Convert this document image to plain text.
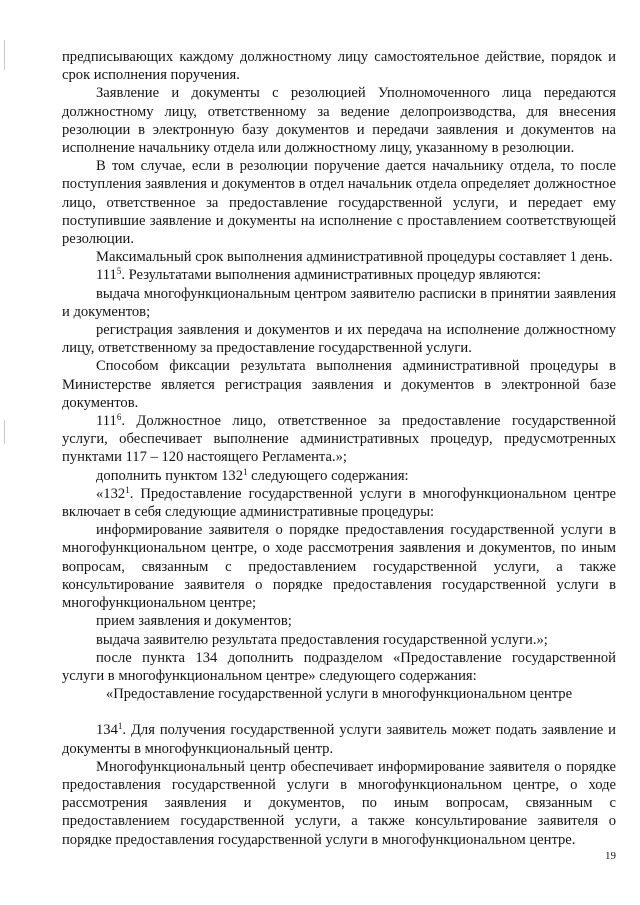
предписывающих каждому должностному лицу самостоятельное действие, порядок и срок исполнения поручения.

Заявление и документы с резолюцией Уполномоченного лица передаются должностному лицу, ответственному за ведение делопроизводства, для внесения резолюции в электронную базу документов и передачи заявления и документов на исполнение начальнику отдела или должностному лицу, указанному в резолюции.

В том случае, если в резолюции поручение дается начальнику отдела, то после поступления заявления и документов в отдел начальник отдела определяет должностное лицо, ответственное за предоставление государственной услуги, и передает ему поступившие заявление и документы на исполнение с проставлением соответствующей резолюции.

Максимальный срок выполнения административной процедуры составляет 1 день.

$111^5$. Результатами выполнения административных процедур являются:

выдача многофункциональным центром заявителю расписки в принятии заявления и документов;

регистрация заявления и документов и их передача на исполнение должностному лицу, ответственному за предоставление государственной услуги.

Способом фиксации результата выполнения административной процедуры в Министерстве является регистрация заявления и документов в электронной базе документов.

$111^6$. Должностное лицо, ответственное за предоставление государственной услуги, обеспечивает выполнение административных процедур, предусмотренных пунктами 117 – 120 настоящего Регламента.»;

дополнить пунктом $132^1$ следующего содержания:

«$132^1$. Предоставление государственной услуги в многофункциональном центре включает в себя следующие административные процедуры:

информирование заявителя о порядке предоставления государственной услуги в многофункциональном центре, о ходе рассмотрения заявления и документов, по иным вопросам, связанным с предоставлением государственной услуги, а также консультирование заявителя о порядке предоставления государственной услуги в многофункциональном центре;

прием заявления и документов;

выдача заявителю результата предоставления государственной услуги.»;

после пункта 134 дополнить подразделом «Предоставление государственной услуги в многофункциональном центре» следующего содержания:

«Предоставление государственной услуги в многофункциональном центре

$134^1$. Для получения государственной услуги заявитель может подать заявление и документы в многофункциональный центр.

Многофункциональный центр обеспечивает информирование заявителя о порядке предоставления государственной услуги в многофункциональном центре, о ходе рассмотрения заявления и документов, по иным вопросам, связанным с предоставлением государственной услуги, а также консультирование заявителя о порядке предоставления государственной услуги в многофункциональном центре.

19
